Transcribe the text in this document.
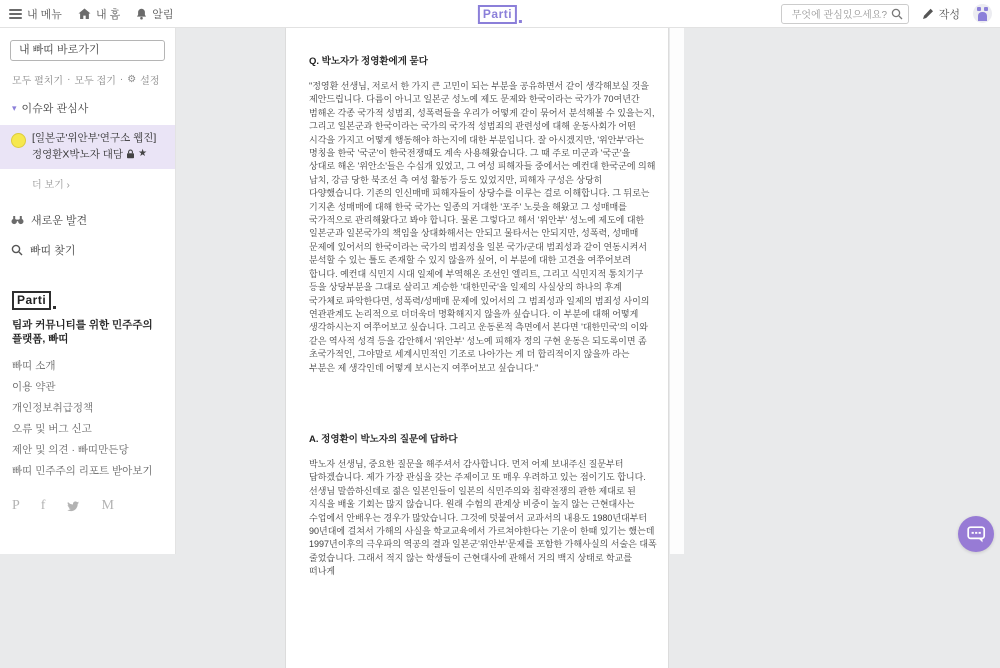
내 메뉴	내 홈	알림	Parti
무엇에 관심있으세요?	작성
내 빠띠 바로가기
모두 펼치기 · 모두 접기 · ⚙ 설정
▾ 이슈와 관심사
[일본군'위안부'연구소 웹진]
정영환X박노자 대담 ★
더 보기 ›
새로운 발견
빠띠 찾기
Parti
팀과 커뮤니티를 위한 민주주의 플랫폼, 빠띠
빠띠 소개
이용 약관
개인정보취급정책
오류 및 버그 신고
제안 및 의견 · 빠띠만든당
빠띠 민주주의 리포트 받아보기
P f	M
Q. 박노자가 정영환에게 묻다

"정영환 선생님, 저로서 한 가지 큰 고민이 되는 부분을 공유하면서 같이 생각해보실 것을 제안드립니다. 다름이 아니고 일본군 성노예 제도 문제와 한국이라는 국가가 70여년간 범해온 각종 국가적 성범죄, 성폭력들을 우리가 어떻게 같이 묶어서 분석해볼 수 있을는지, 그리고 일본군과 한국이라는 국가의 국가적 성범죄의 관련성에 대해 운동사회가 어떤 시각을 가지고 어떻게 행동해야 하는지에 대한 부분입니다. 잘 아시겠지만, '위안부'라는 명칭을 한국 '국군'이 한국전쟁때도 계속 사용해왔습니다. 그 때 주로 미군과 '국군'을 상대로 해온 '위안소'들은 수십개 있었고, 그 여성 피해자들 중에서는 예컨대 한국군에 의해 납치, 강금 당한 북조선 측 여성 활동가 등도 있었지만, 피해자 구성은 상당히 다양했습니다. 기존의 인신매매 피해자들이 상당수를 이루는 걸로 이해합니다. 그 뒤로는 기지촌 성매매에 대해 한국 국가는 일종의 거대한 '포주' 노릇을 해왔고 그 성매매를 국가적으로 관리해왔다고 봐야 합니다. 물론 그렇다고 해서 '위안부' 성노예 제도에 대한 일본군과 일본국가의 책임을 상대화해서는 안되고 물타서는 안되지만, 성폭력, 성매매 문제에 있어서의 한국이라는 국가의 범죄성을 일본 국가/군대 범죄성과 같이 연동시켜서 분석할 수 있는 틀도 존재할 수 있지 않을까 싶어, 이 부분에 대한 고견을 여쭈어보려 합니다. 예컨대 식민지 시대 일제에 부역해온 조선인 엘리트, 그리고 식민지적 통치기구 등을 상당부분을 그대로 살리고 계승한 '대한민국'을 일제의 사실상의 하나의 후계 국가체로 파악한다면, 성폭력/성매매 문제에 있어서의 그 범죄성과 일제의 범죄성 사이의 연관관계도 논리적으로 더더욱더 명확해지지 않을까 싶습니다. 이 부분에 대해 어떻게 생각하시는지 여쭈어보고 싶습니다. 그리고 운동론적 측면에서 본다면 '대한민국'의 이와 같은 역사적 성격 등을 감안해서 '위안부' 성노예 피해자 정의 구현 운동은 되도록이면 좀 초국가적인, 그야말로 세계시민적인 기조로 나아가는 게 더 합리적이지 않을까 라는 부분은 제 생각인데 어떻게 보시는지 여쭈어보고 싶습니다."

A. 정영환이 박노자의 질문에 답하다

박노자 선생님, 중요한 질문을 해주셔서 감사합니다. 먼저 어제 보내주신 질문부터 답하겠습니다. 제가 가장 관심을 갖는 주제이고 또 매우 우려하고 있는 점이기도 합니다. 선생님 말씀하신데로 젊은 일본인들이 일본의 식민주의와 침략전쟁의 관한 제대로 된 지식을 배울 기회는 많지 않습니다. 원래 수험의 관계상 비중이 높지 않는 근현대사는 수업에서 안배우는 경우가 많았습니다. 그것에 덧붙여서 교과서의 내용도 1980년대부터 90년대에 걸쳐서 가해의 사실을 학교교육에서 가르쳐야한다는 기운이 한때 있기는 했는데 1997년이후의 극우파의 역공의 결과 일본군'위안부'문제를 포함한 가해사실의 서술은 대폭 줄었습니다. 그래서 적지 않는 학생들이 근현대사에 관해서 거의 백지 상태로 학교를 떠나게
